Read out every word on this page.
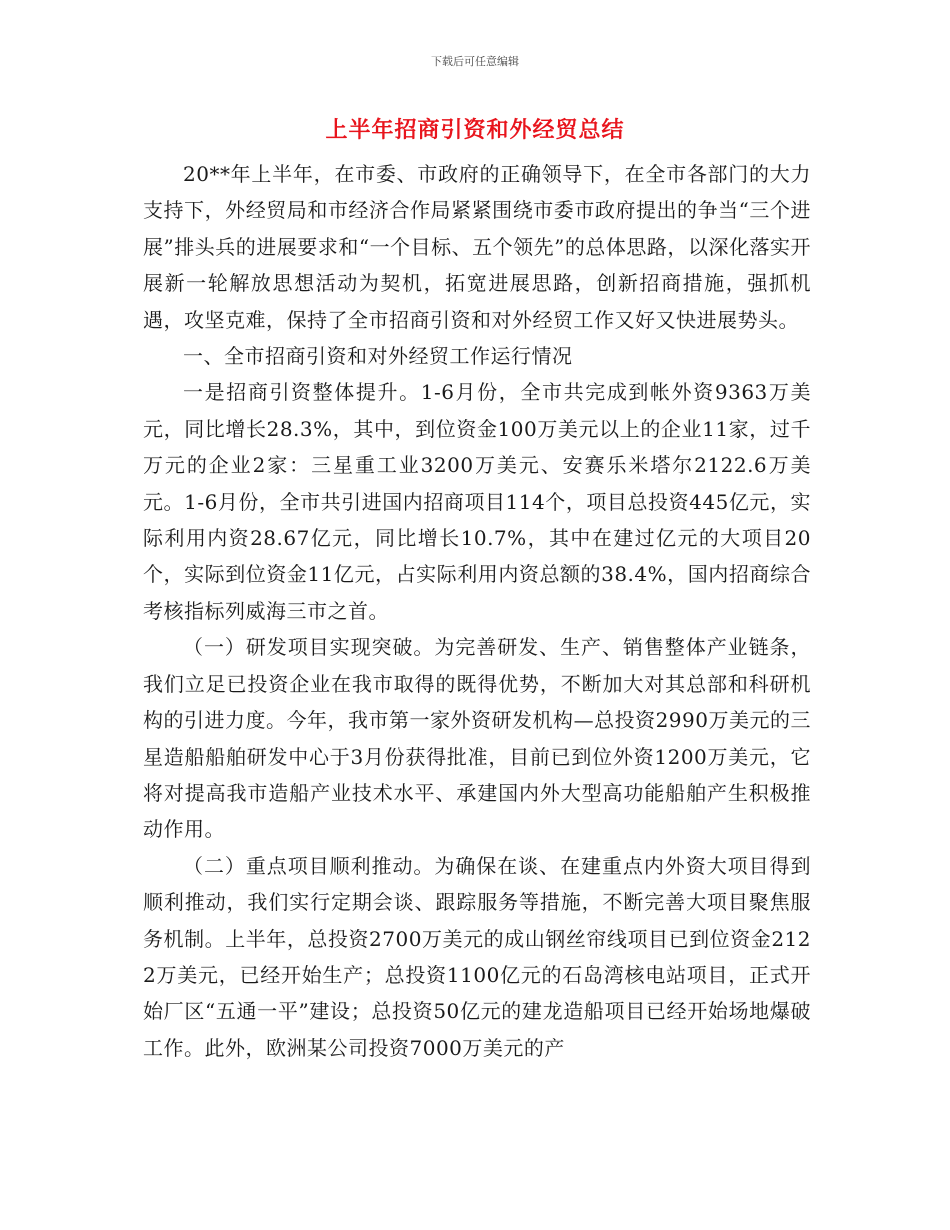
下载后可任意编辑
上半年招商引资和外经贸总结

20**年上半年，在市委、市政府的正确领导下，在全市各部门的大力支持下，外经贸局和市经济合作局紧紧围绕市委市政府提出的争当“三个进展”排头兵的进展要求和“一个目标、五个领先”的总体思路，以深化落实开展新一轮解放思想活动为契机，拓宽进展思路，创新招商措施，强抓机遇，攻坚克难，保持了全市招商引资和对外经贸工作又好又快进展势头。

一、全市招商引资和对外经贸工作运行情况

一是招商引资整体提升。1-6月份，全市共完成到帐外资9363万美元，同比增长28.3%，其中，到位资金100万美元以上的企业11家，过千万元的企业2家：三星重工业3200万美元、安赛乐米塔尔2122.6万美元。1-6月份，全市共引进国内招商项目114个，项目总投资445亿元，实际利用内资28.67亿元，同比增长10.7%，其中在建过亿元的大项目20个，实际到位资金11亿元，占实际利用内资总额的38.4%，国内招商综合考核指标列威海三市之首。

（一）研发项目实现突破。为完善研发、生产、销售整体产业链条，我们立足已投资企业在我市取得的既得优势，不断加大对其总部和科研机构的引进力度。今年，我市第一家外资研发机构—总投资2990万美元的三星造船船舶研发中心于3月份获得批准，目前已到位外资1200万美元，它将对提高我市造船产业技术水平、承建国内外大型高功能船舶产生积极推动作用。

（二）重点项目顺利推动。为确保在谈、在建重点内外资大项目得到顺利推动，我们实行定期会谈、跟踪服务等措施，不断完善大项目聚焦服务机制。上半年，总投资2700万美元的成山钢丝帘线项目已到位资金2122万美元，已经开始生产；总投资1100亿元的石岛湾核电站项目，正式开始厂区“五通一平”建设；总投资50亿元的建龙造船项目已经开始场地爆破工作。此外，欧洲某公司投资7000万美元的产
